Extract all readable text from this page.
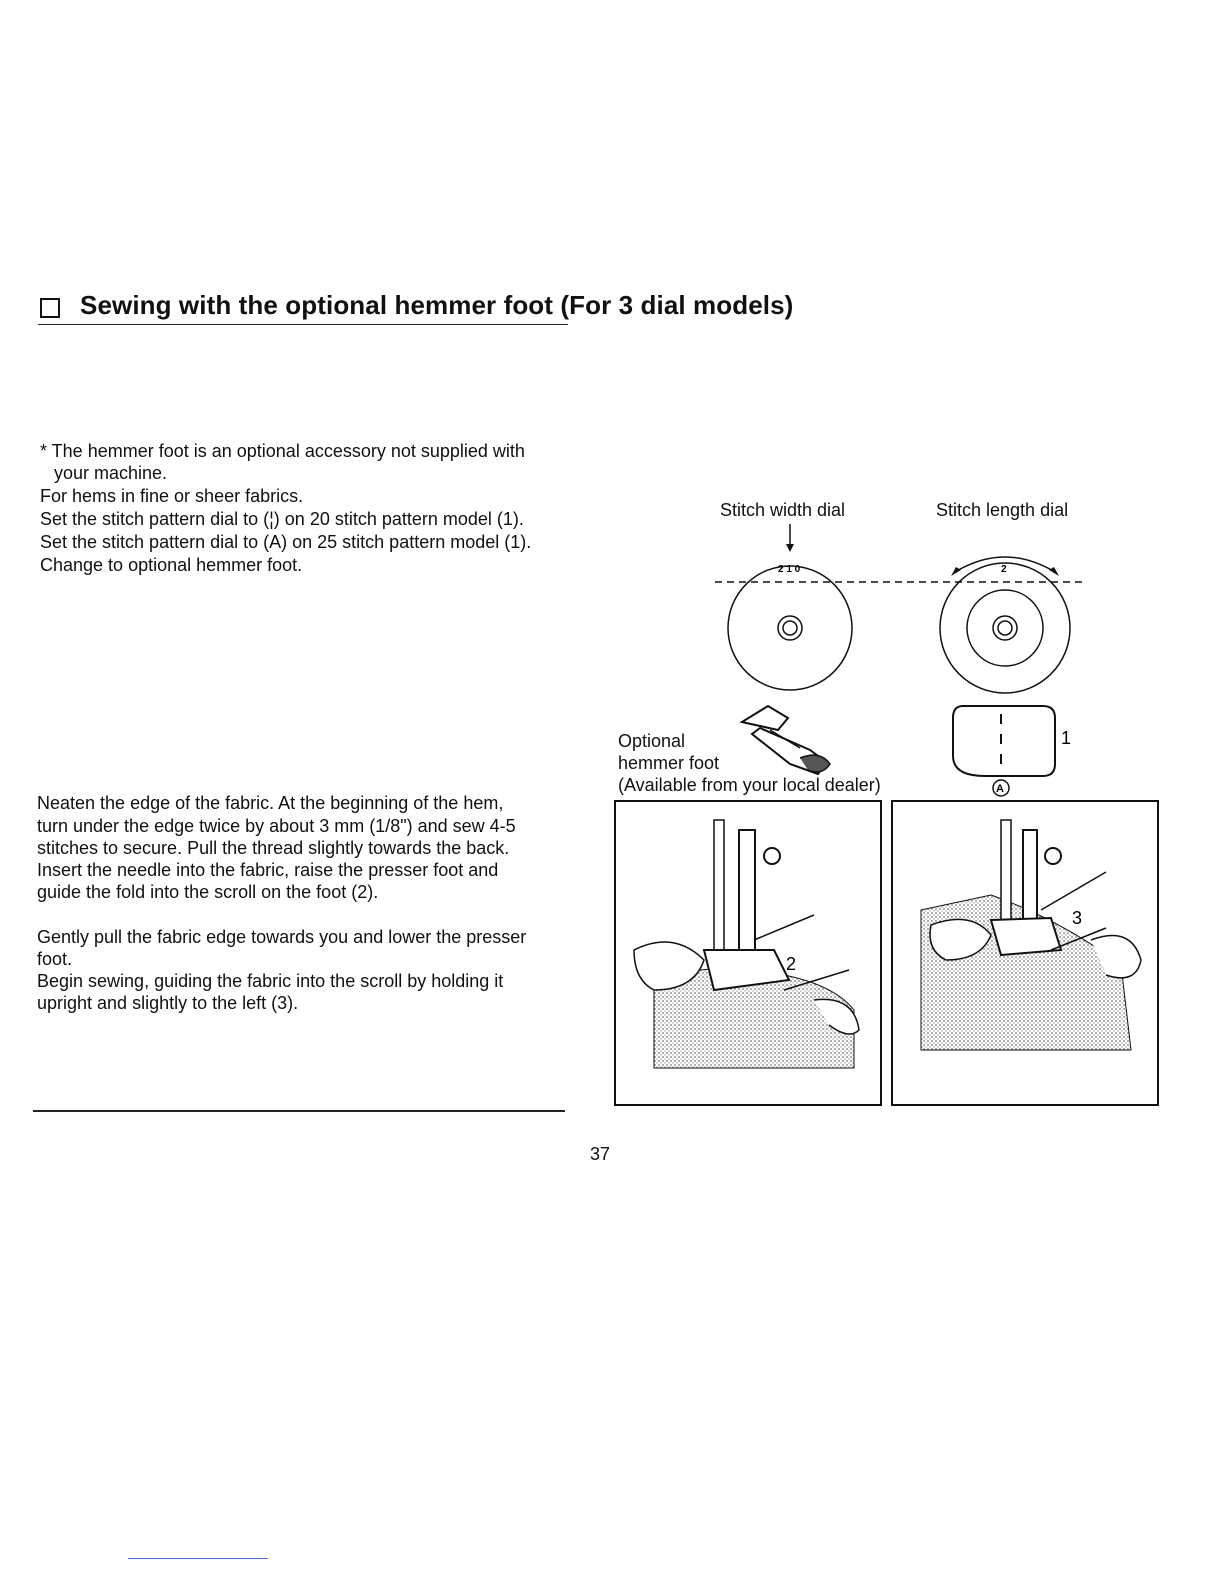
Sewing with the optional hemmer foot (For 3 dial models)
* The hemmer foot is an optional accessory not supplied with
your machine.
For hems in fine or sheer fabrics.
Set the stitch pattern dial to (¦) on 20 stitch pattern model (1).
Set the stitch pattern dial to (A) on 25 stitch pattern model (1).
Change to optional hemmer foot.
Neaten the edge of the fabric. At the beginning of the hem,
turn under the edge twice by about 3 mm (1/8") and sew 4-5
stitches to secure. Pull the thread slightly towards the back.
Insert the needle into the fabric, raise the presser foot and
guide the fold into the scroll on the foot (2).
Gently pull the fabric edge towards you and lower the presser
foot.
Begin sewing, guiding the fabric into the scroll by holding it
upright and slightly to the left (3).
Stitch width dial	Stitch length dial
2 1 0	2
Optional
hemmer foot
(Available from your local dealer)
1
A
2
3
37
